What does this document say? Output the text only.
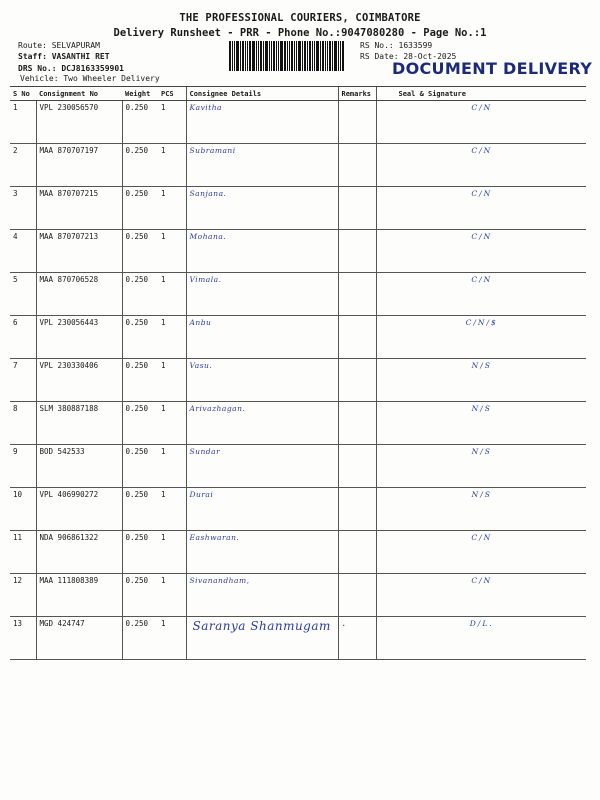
THE PROFESSIONAL COURIERS, COIMBATORE
Delivery Runsheet - PRR - Phone No.:9047080280 - Page No.:1
Route: SELVAPURAM
Staff: VASANTHI RET
DRS No.: DCJ8163359901
Vehicle: Two Wheeler Delivery
RS No.: 1633599
RS Date: 28-Oct-2025
DOCUMENT DELIVERY
S No	Consignment No	Weight	PCS	Consignee Details	Remarks	Seal & Signature
1	VPL 230056570	0.250	1	Kavitha		C/N
2	MAA 870707197	0.250	1	Subramani		C/N
3	MAA 870707215	0.250	1	Sanjana.		C/N
4	MAA 870707213	0.250	1	Mohana.		C/N
5	MAA 870706528	0.250	1	Vimala.		C/N
6	VPL 230056443	0.250	1	Anbu		C/N/$
7	VPL 230330406	0.250	1	Vasu.		N/S
8	SLM 380887188	0.250	1	Arivazhagan.		N/S
9	BOD 542533	0.250	1	Sundar		N/S
10	VPL 406990272	0.250	1	Durai		N/S
11	NDA 906861322	0.250	1	Eashwaran.		C/N
12	MAA 111808389	0.250	1	Sivanandham,		C/N
13	MGD 424747	0.250	1	Saranya Shanmugam	.	D/L.
